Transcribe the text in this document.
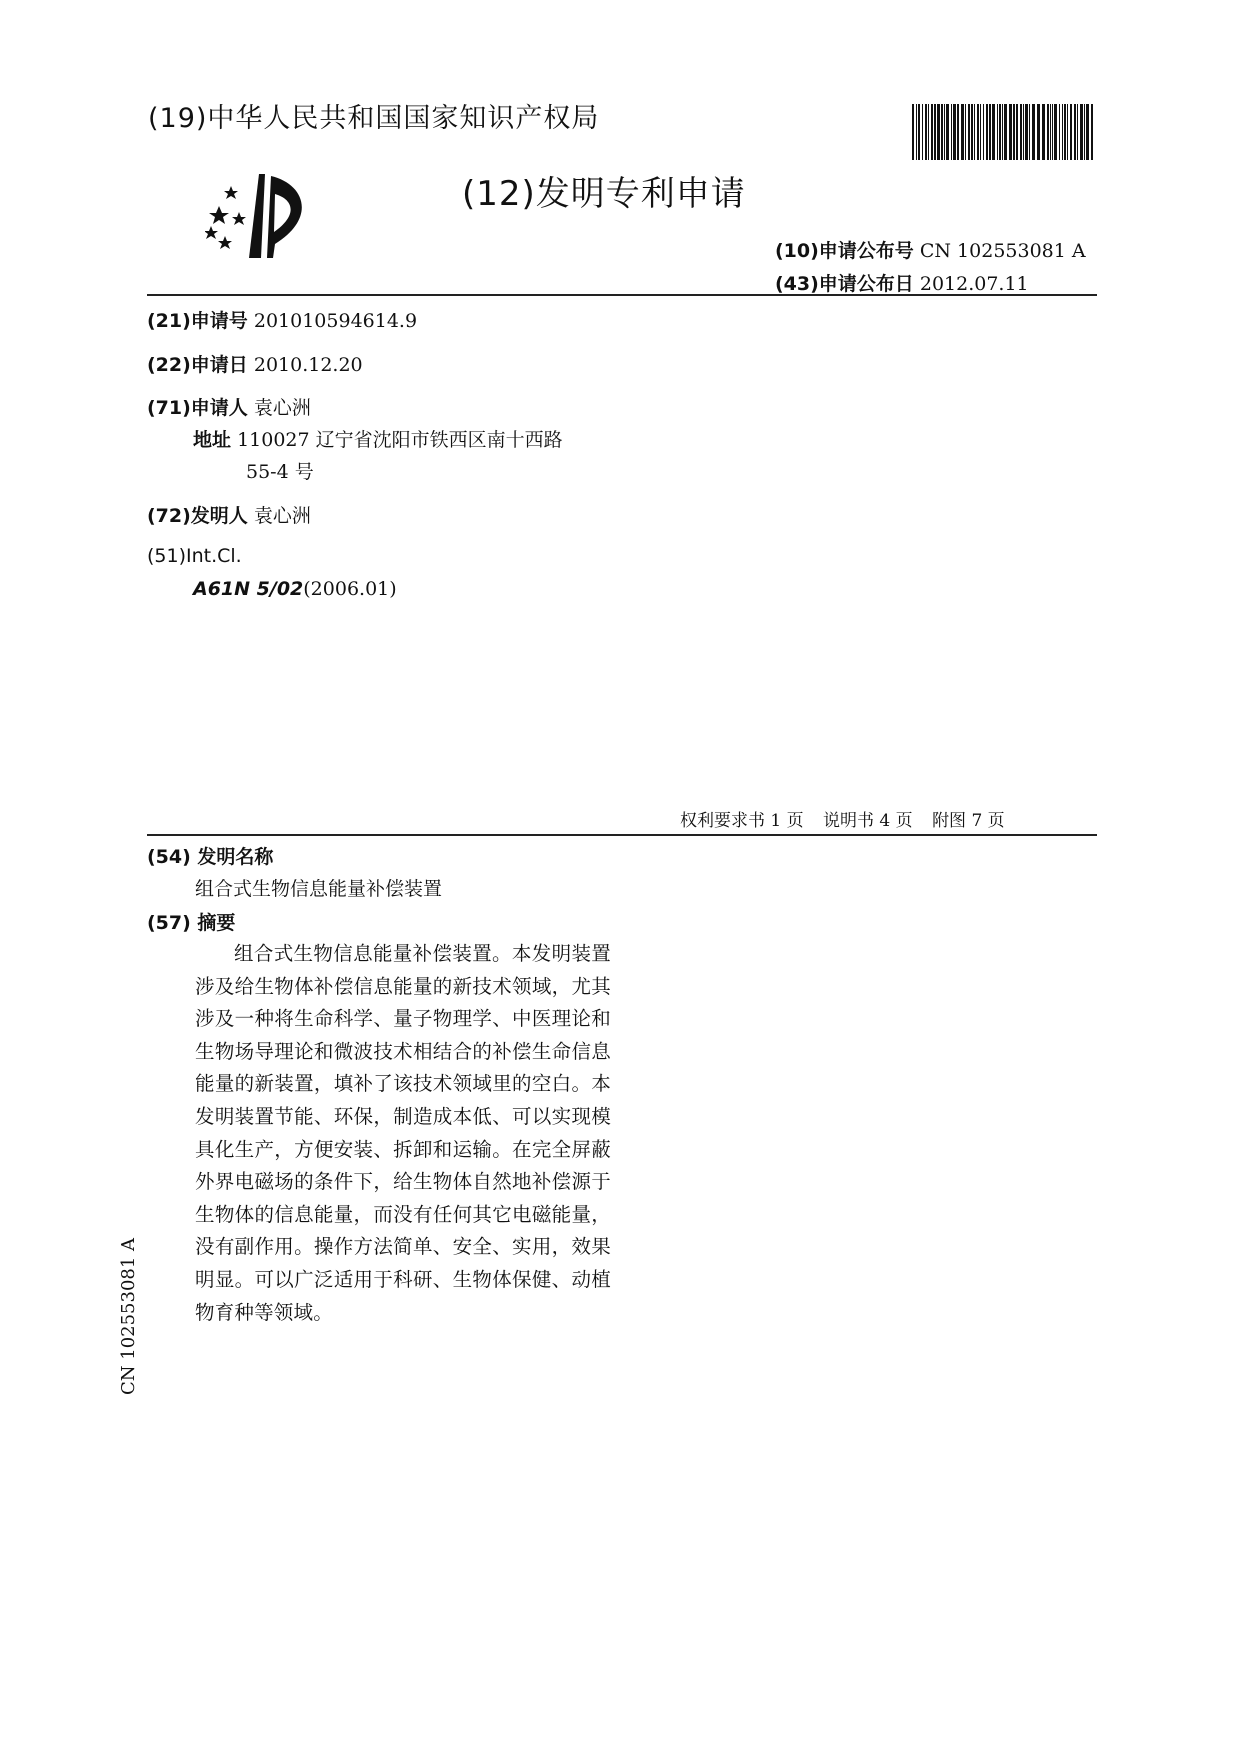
(19)中华人民共和国国家知识产权局
(12)发明专利申请
(10)申请公布号 CN 102553081 A
(43)申请公布日 2012.07.11
(21)申请号 201010594614.9
(22)申请日 2010.12.20
(71)申请人 袁心洲
地址 110027 辽宁省沈阳市铁西区南十西路
55-4 号
(72)发明人 袁心洲
(51)Int.Cl.
A61N 5/02(2006.01)
权利要求书 1 页 说明书 4 页 附图 7 页
(54) 发明名称
组合式生物信息能量补偿装置
(57) 摘要
组合式生物信息能量补偿装置。本发明装置涉及给生物体补偿信息能量的新技术领域，尤其涉及一种将生命科学、量子物理学、中医理论和生物场导理论和微波技术相结合的补偿生命信息能量的新装置，填补了该技术领域里的空白。本发明装置节能、环保，制造成本低、可以实现模具化生产，方便安装、拆卸和运输。在完全屏蔽外界电磁场的条件下，给生物体自然地补偿源于生物体的信息能量，而没有任何其它电磁能量，没有副作用。操作方法简单、安全、实用，效果明显。可以广泛适用于科研、生物体保健、动植物育种等领域。
CN 102553081 A
